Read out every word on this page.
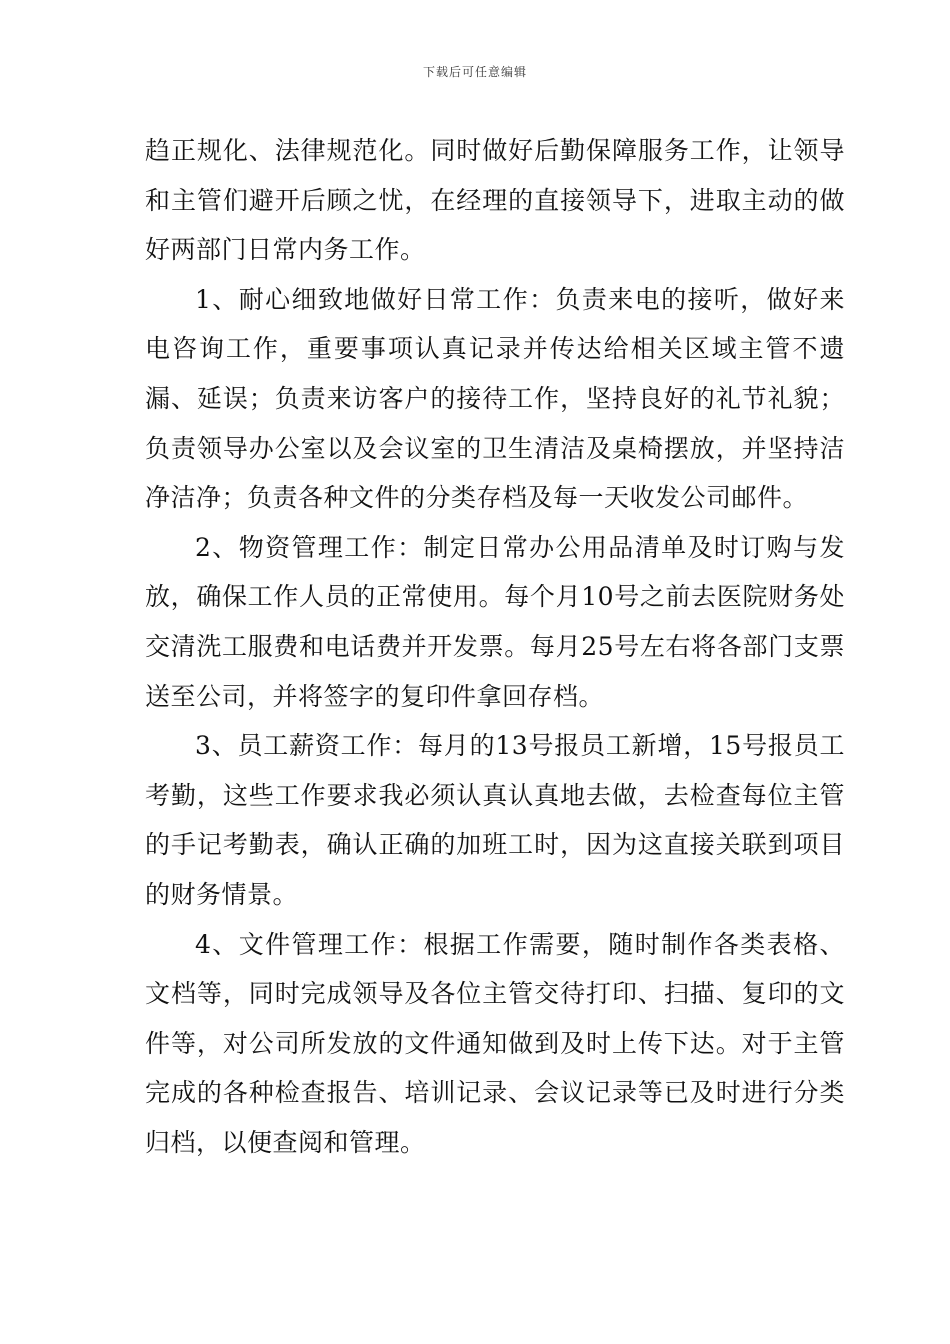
下载后可任意编辑

趋正规化、法律规范化。同时做好后勤保障服务工作，让领导和主管们避开后顾之忧，在经理的直接领导下，进取主动的做好两部门日常内务工作。

1、耐心细致地做好日常工作：负责来电的接听，做好来电咨询工作，重要事项认真记录并传达给相关区域主管不遗漏、延误；负责来访客户的接待工作，坚持良好的礼节礼貌；负责领导办公室以及会议室的卫生清洁及桌椅摆放，并坚持洁净洁净；负责各种文件的分类存档及每一天收发公司邮件。

2、物资管理工作：制定日常办公用品清单及时订购与发放，确保工作人员的正常使用。每个月10号之前去医院财务处交清洗工服费和电话费并开发票。每月25号左右将各部门支票送至公司，并将签字的复印件拿回存档。

3、员工薪资工作：每月的13号报员工新增，15号报员工考勤，这些工作要求我必须认真认真地去做，去检查每位主管的手记考勤表，确认正确的加班工时，因为这直接关联到项目的财务情景。

4、文件管理工作：根据工作需要，随时制作各类表格、文档等，同时完成领导及各位主管交待打印、扫描、复印的文件等，对公司所发放的文件通知做到及时上传下达。对于主管完成的各种检查报告、培训记录、会议记录等已及时进行分类归档，以便查阅和管理。
